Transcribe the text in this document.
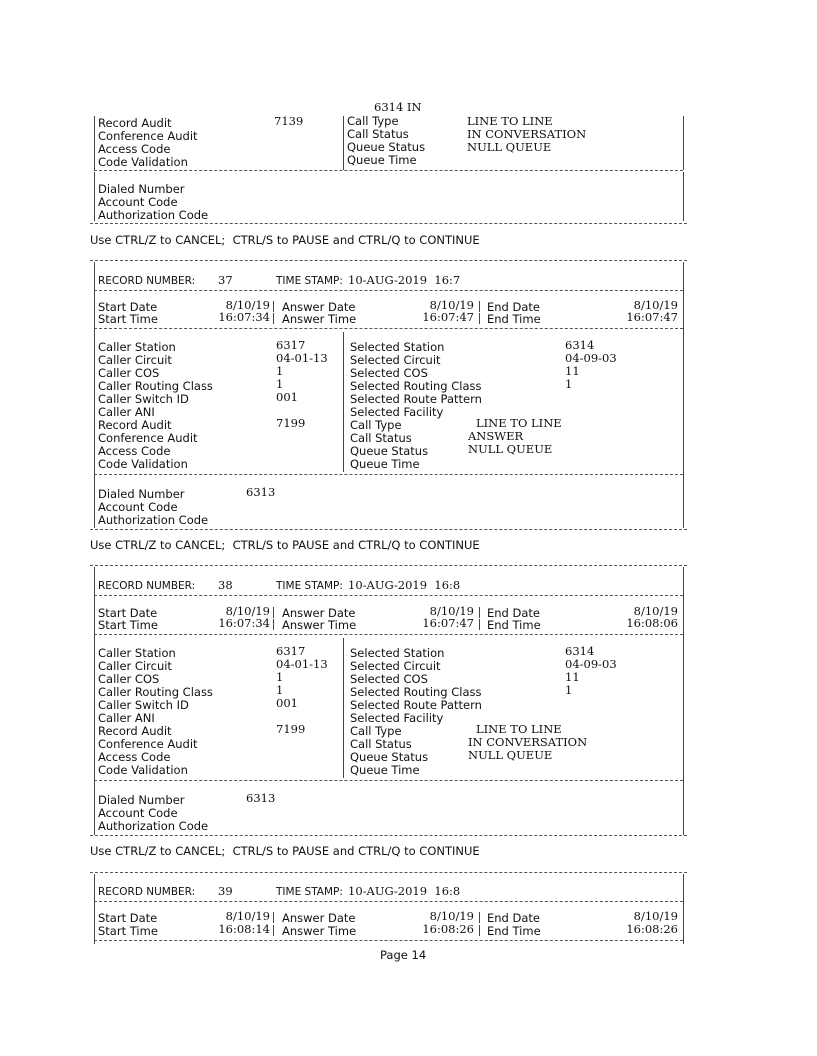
6314 IN
Record Audit	7139	Call Type	LINE TO LINE
Conference Audit	Call Status	IN CONVERSATION
Access Code	Queue Status	NULL QUEUE
Code Validation	Queue Time
Dialed Number
Account Code
Authorization Code
Use CTRL/Z to CANCEL;  CTRL/S to PAUSE and CTRL/Q to CONTINUE
RECORD NUMBER: 37	TIME STAMP: 10-AUG-2019  16:7
Start Date	8/10/19 Answer Date	8/10/19 End Date	8/10/19
Start Time	16:07:34 Answer Time	16:07:47 End Time	16:07:47
Caller Station	6317	Selected Station	6314
Caller Circuit	04-01-13 Selected Circuit	04-09-03
Caller COS	1	Selected COS	11
Caller Routing Class	1	Selected Routing Class	1
Caller Switch ID	001	Selected Route Pattern
Caller ANI	Selected Facility
Record Audit	7199	Call Type	LINE TO LINE
Conference Audit	Call Status	ANSWER
Access Code	Queue Status	NULL QUEUE
Code Validation	Queue Time
Dialed Number	6313
Account Code
Authorization Code
Use CTRL/Z to CANCEL;  CTRL/S to PAUSE and CTRL/Q to CONTINUE
RECORD NUMBER: 38	TIME STAMP: 10-AUG-2019  16:8
Start Date	8/10/19 Answer Date	8/10/19 End Date	8/10/19
Start Time	16:07:34 Answer Time	16:07:47 End Time	16:08:06
Caller Station	6317	Selected Station	6314
Caller Circuit	04-01-13 Selected Circuit	04-09-03
Caller COS	1	Selected COS	11
Caller Routing Class	1	Selected Routing Class	1
Caller Switch ID	001	Selected Route Pattern
Caller ANI	Selected Facility
Record Audit	7199	Call Type	LINE TO LINE
Conference Audit	Call Status	IN CONVERSATION
Access Code	Queue Status	NULL QUEUE
Code Validation	Queue Time
Dialed Number	6313
Account Code
Authorization Code
Use CTRL/Z to CANCEL;  CTRL/S to PAUSE and CTRL/Q to CONTINUE
RECORD NUMBER: 39	TIME STAMP: 10-AUG-2019  16:8
Start Date	8/10/19 Answer Date	8/10/19 End Date	8/10/19
Start Time	16:08:14 Answer Time	16:08:26 End Time	16:08:26
Page 14
